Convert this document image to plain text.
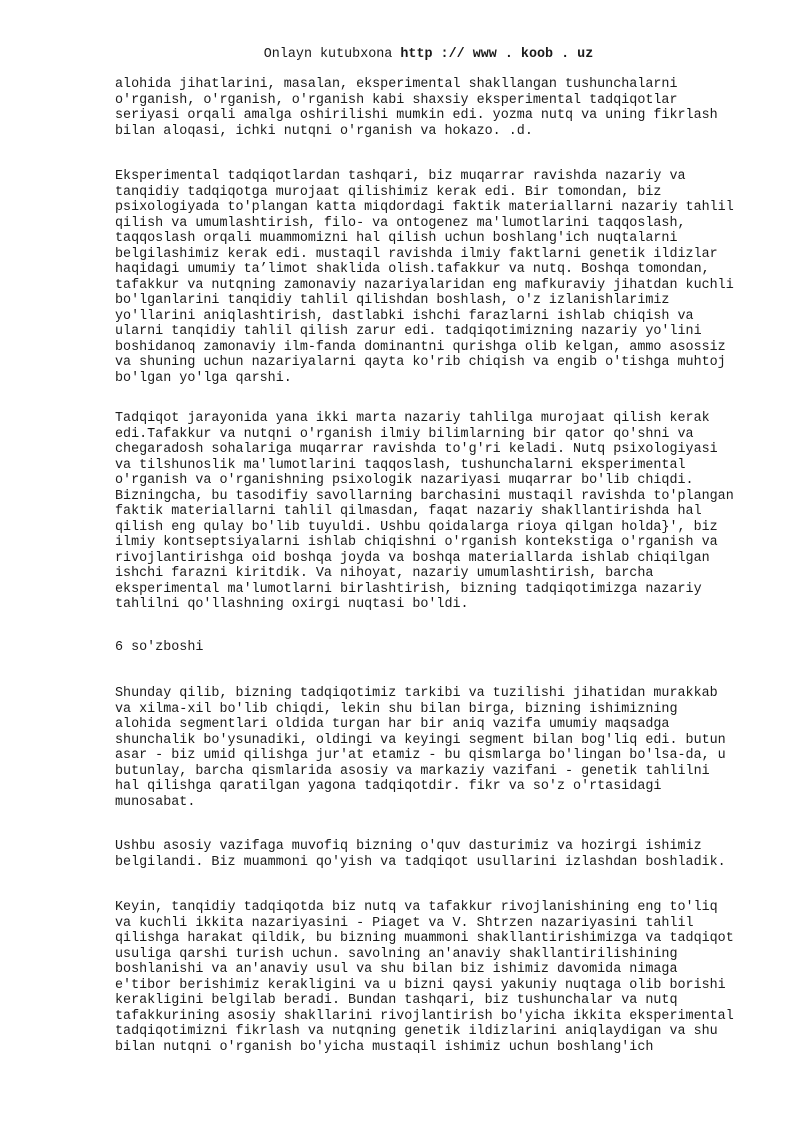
Onlayn kutubxona http :// www . koob . uz

alohida jihatlarini, masalan, eksperimental shakllangan tushunchalarni
o'rganish, o'rganish, o'rganish kabi shaxsiy eksperimental tadqiqotlar
seriyasi orqali amalga oshirilishi mumkin edi. yozma nutq va uning fikrlash
bilan aloqasi, ichki nutqni o'rganish va hokazo. .d.

Eksperimental tadqiqotlardan tashqari, biz muqarrar ravishda nazariy va
tanqidiy tadqiqotga murojaat qilishimiz kerak edi. Bir tomondan, biz
psixologiyada to'plangan katta miqdordagi faktik materiallarni nazariy tahlil
qilish va umumlashtirish, filo- va ontogenez ma'lumotlarini taqqoslash,
taqqoslash orqali muammomizni hal qilish uchun boshlang'ich nuqtalarni
belgilashimiz kerak edi. mustaqil ravishda ilmiy faktlarni genetik ildizlar
haqidagi umumiy ta’limot shaklida olish.tafakkur va nutq. Boshqa tomondan,
tafakkur va nutqning zamonaviy nazariyalaridan eng mafkuraviy jihatdan kuchli
bo'lganlarini tanqidiy tahlil qilishdan boshlash, o'z izlanishlarimiz
yo'llarini aniqlashtirish, dastlabki ishchi farazlarni ishlab chiqish va
ularni tanqidiy tahlil qilish zarur edi. tadqiqotimizning nazariy yo'lini
boshidanoq zamonaviy ilm-fanda dominantni qurishga olib kelgan, ammo asossiz
va shuning uchun nazariyalarni qayta ko'rib chiqish va engib o'tishga muhtoj
bo'lgan yo'lga qarshi.

Tadqiqot jarayonida yana ikki marta nazariy tahlilga murojaat qilish kerak
edi.Tafakkur va nutqni o'rganish ilmiy bilimlarning bir qator qo'shni va
chegaradosh sohalariga muqarrar ravishda to'g'ri keladi. Nutq psixologiyasi
va tilshunoslik ma'lumotlarini taqqoslash, tushunchalarni eksperimental
o'rganish va o'rganishning psixologik nazariyasi muqarrar bo'lib chiqdi.
Bizningcha, bu tasodifiy savollarning barchasini mustaqil ravishda to'plangan
faktik materiallarni tahlil qilmasdan, faqat nazariy shakllantirishda hal
qilish eng qulay bo'lib tuyuldi. Ushbu qoidalarga rioya qilgan holda}', biz
ilmiy kontseptsiyalarni ishlab chiqishni o'rganish kontekstiga o'rganish va
rivojlantirishga oid boshqa joyda va boshqa materiallarda ishlab chiqilgan
ishchi farazni kiritdik. Va nihoyat, nazariy umumlashtirish, barcha
eksperimental ma'lumotlarni birlashtirish, bizning tadqiqotimizga nazariy
tahlilni qo'llashning oxirgi nuqtasi bo'ldi.

6 so'zboshi

Shunday qilib, bizning tadqiqotimiz tarkibi va tuzilishi jihatidan murakkab
va xilma-xil bo'lib chiqdi, lekin shu bilan birga, bizning ishimizning
alohida segmentlari oldida turgan har bir aniq vazifa umumiy maqsadga
shunchalik bo'ysunadiki, oldingi va keyingi segment bilan bog'liq edi. butun
asar - biz umid qilishga jur'at etamiz - bu qismlarga bo'lingan bo'lsa-da, u
butunlay, barcha qismlarida asosiy va markaziy vazifani - genetik tahlilni
hal qilishga qaratilgan yagona tadqiqotdir. fikr va so'z o'rtasidagi
munosabat.

Ushbu asosiy vazifaga muvofiq bizning o'quv dasturimiz va hozirgi ishimiz
belgilandi. Biz muammoni qo'yish va tadqiqot usullarini izlashdan boshladik.

Keyin, tanqidiy tadqiqotda biz nutq va tafakkur rivojlanishining eng to'liq
va kuchli ikkita nazariyasini - Piaget va V. Shtrzen nazariyasini tahlil
qilishga harakat qildik, bu bizning muammoni shakllantirishimizga va tadqiqot
usuliga qarshi turish uchun. savolning an'anaviy shakllantirilishining
boshlanishi va an'anaviy usul va shu bilan biz ishimiz davomida nimaga
e'tibor berishimiz kerakligini va u bizni qaysi yakuniy nuqtaga olib borishi
kerakligini belgilab beradi. Bundan tashqari, biz tushunchalar va nutq
tafakkurining asosiy shakllarini rivojlantirish bo'yicha ikkita eksperimental
tadqiqotimizni fikrlash va nutqning genetik ildizlarini aniqlaydigan va shu
bilan nutqni o'rganish bo'yicha mustaqil ishimiz uchun boshlang'ich
